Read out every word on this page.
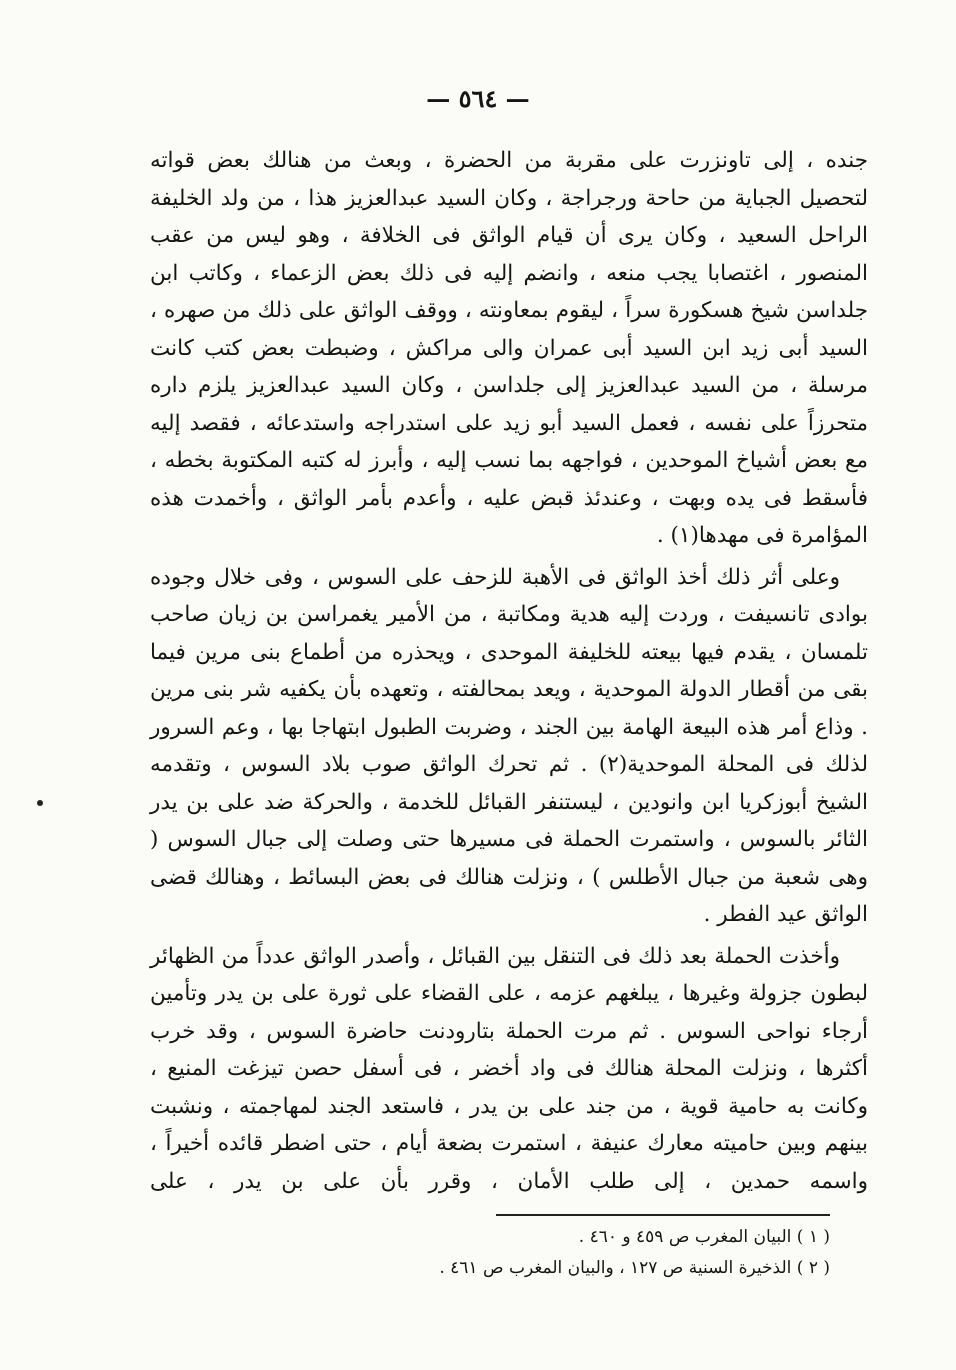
— ٥٦٤ —

جنده ، إلى تاونزرت على مقربة من الحضرة ، وبعث من هنالك بعض قواته لتحصيل الجباية من حاحة ورجراجة ، وكان السيد عبدالعزيز هذا ، من ولد الخليفة الراحل السعيد ، وكان يرى أن قيام الواثق فى الخلافة ، وهو ليس من عقب المنصور ، اغتصابا يجب منعه ، وانضم إليه فى ذلك بعض الزعماء ، وكاتب ابن جلداسن شيخ هسكورة سراً ، ليقوم بمعاونته ، ووقف الواثق على ذلك من صهره ، السيد أبى زيد ابن السيد أبى عمران والى مراكش ، وضبطت بعض كتب كانت مرسلة ، من السيد عبدالعزيز إلى جلداسن ، وكان السيد عبدالعزيز يلزم داره متحرزاً على نفسه ، فعمل السيد أبو زيد على استدراجه واستدعائه ، فقصد إليه مع بعض أشياخ الموحدين ، فواجهه بما نسب إليه ، وأبرز له كتبه المكتوبة بخطه ، فأسقط فى يده وبهت ، وعندئذ قبض عليه ، وأعدم بأمر الواثق ، وأخمدت هذه المؤامرة فى مهدها(١) .

وعلى أثر ذلك أخذ الواثق فى الأهبة للزحف على السوس ، وفى خلال وجوده بوادى تانسيفت ، وردت إليه هدية ومكاتبة ، من الأمير يغمراسن بن زيان صاحب تلمسان ، يقدم فيها بيعته للخليفة الموحدى ، ويحذره من أطماع بنى مرين فيما بقى من أقطار الدولة الموحدية ، ويعد بمحالفته ، وتعهده بأن يكفيه شر بنى مرين . وذاع أمر هذه البيعة الهامة بين الجند ، وضربت الطبول ابتهاجا بها ، وعم السرور لذلك فى المحلة الموحدية(٢) . ثم تحرك الواثق صوب بلاد السوس ، وتقدمه الشيخ أبوزكريا ابن وانودين ، ليستنفر القبائل للخدمة ، والحركة ضد على بن يدر الثائر بالسوس ، واستمرت الحملة فى مسيرها حتى وصلت إلى جبال السوس ( وهى شعبة من جبال الأطلس ) ، ونزلت هنالك فى بعض البسائط ، وهنالك قضى الواثق عيد الفطر .

وأخذت الحملة بعد ذلك فى التنقل بين القبائل ، وأصدر الواثق عدداً من الظهائر لبطون جزولة وغيرها ، يبلغهم عزمه ، على القضاء على ثورة على بن يدر وتأمين أرجاء نواحى السوس . ثم مرت الحملة بتارودنت حاضرة السوس ، وقد خرب أكثرها ، ونزلت المحلة هنالك فى واد أخضر ، فى أسفل حصن تيزغت المنيع ، وكانت به حامية قوية ، من جند على بن يدر ، فاستعد الجند لمهاجمته ، ونشبت بينهم وبين حاميته معارك عنيفة ، استمرت بضعة أيام ، حتى اضطر قائده أخيراً ، واسمه حمدين ، إلى طلب الأمان ، وقرر بأن على بن يدر ، على

( ١ ) البيان المغرب ص ٤٥٩ و ٤٦٠ .

( ٢ ) الذخيرة السنية ص ١٢٧ ، والبيان المغرب ص ٤٦١ .
